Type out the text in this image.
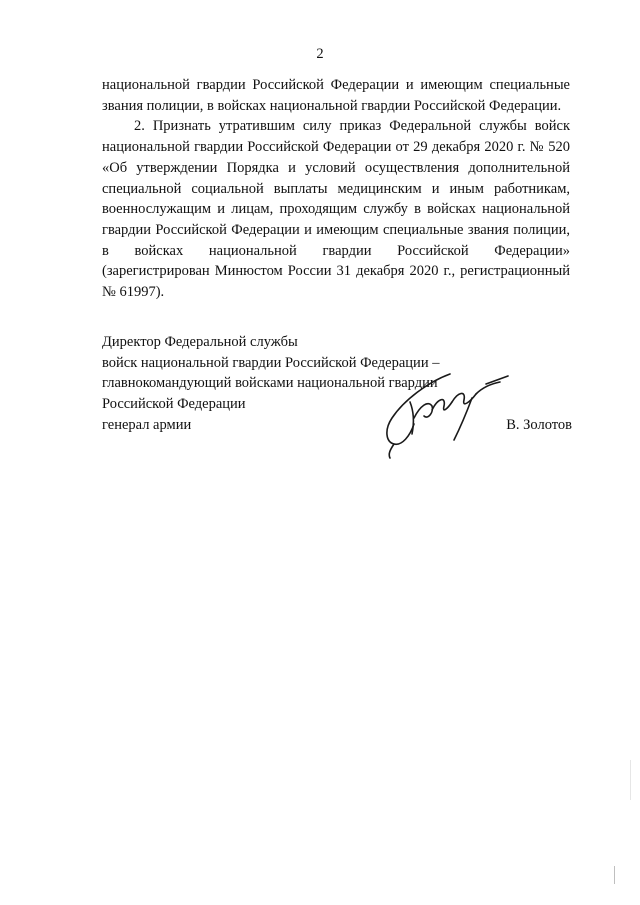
2
национальной гвардии Российской Федерации и имеющим специальные
звания полиции, в войсках национальной гвардии Российской Федерации.
2. Признать утратившим силу приказ Федеральной службы войск
национальной гвардии Российской Федерации от 29 декабря 2020 г. № 520
«Об утверждении Порядка и условий осуществления дополнительной
специальной социальной выплаты медицинским и иным работникам,
военнослужащим и лицам, проходящим службу в войсках национальной
гвардии Российской Федерации и имеющим специальные звания полиции,
в войсках национальной гвардии Российской Федерации»
(зарегистрирован Минюстом России 31 декабря 2020 г., регистрационный
№ 61997).
Директор Федеральной службы
войск национальной гвардии Российской Федерации –
главнокомандующий войсками национальной гвардии
Российской Федерации
генерал армии	В. Золотов
